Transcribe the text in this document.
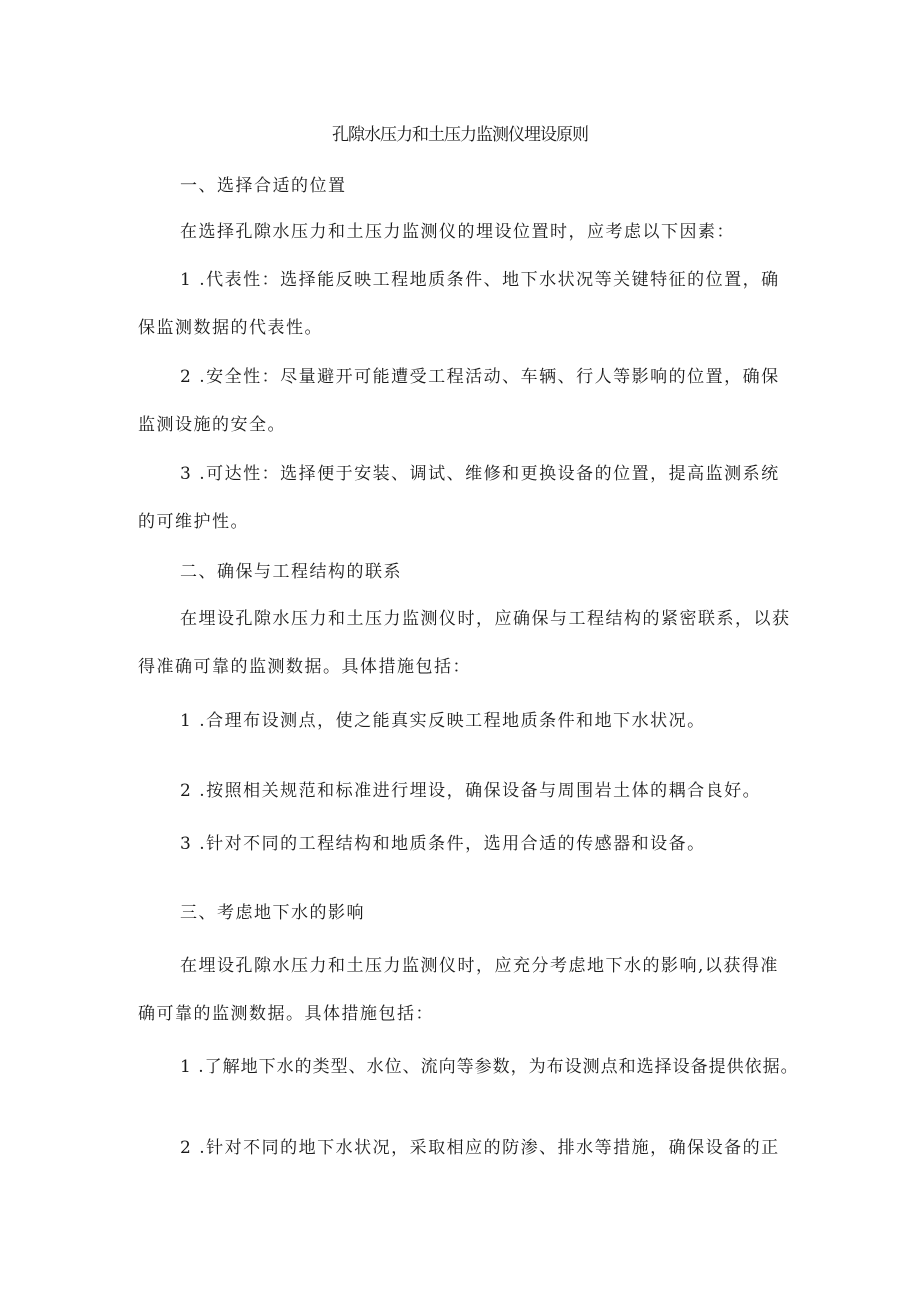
孔隙水压力和土压力监测仪埋设原则
一、选择合适的位置
在选择孔隙水压力和土压力监测仪的埋设位置时，应考虑以下因素：
1 .代表性：选择能反映工程地质条件、地下水状况等关键特征的位置，确
保监测数据的代表性。
2 .安全性：尽量避开可能遭受工程活动、车辆、行人等影响的位置，确保
监测设施的安全。
3 .可达性：选择便于安装、调试、维修和更换设备的位置，提高监测系统
的可维护性。
二、确保与工程结构的联系
在埋设孔隙水压力和土压力监测仪时，应确保与工程结构的紧密联系，以获
得准确可靠的监测数据。具体措施包括：
1 .合理布设测点，使之能真实反映工程地质条件和地下水状况。
2 .按照相关规范和标准进行埋设，确保设备与周围岩土体的耦合良好。
3 .针对不同的工程结构和地质条件，选用合适的传感器和设备。
三、考虑地下水的影响
在埋设孔隙水压力和土压力监测仪时，应充分考虑地下水的影响,以获得准
确可靠的监测数据。具体措施包括：
1 .了解地下水的类型、水位、流向等参数，为布设测点和选择设备提供依据。
2 .针对不同的地下水状况，采取相应的防渗、排水等措施，确保设备的正
